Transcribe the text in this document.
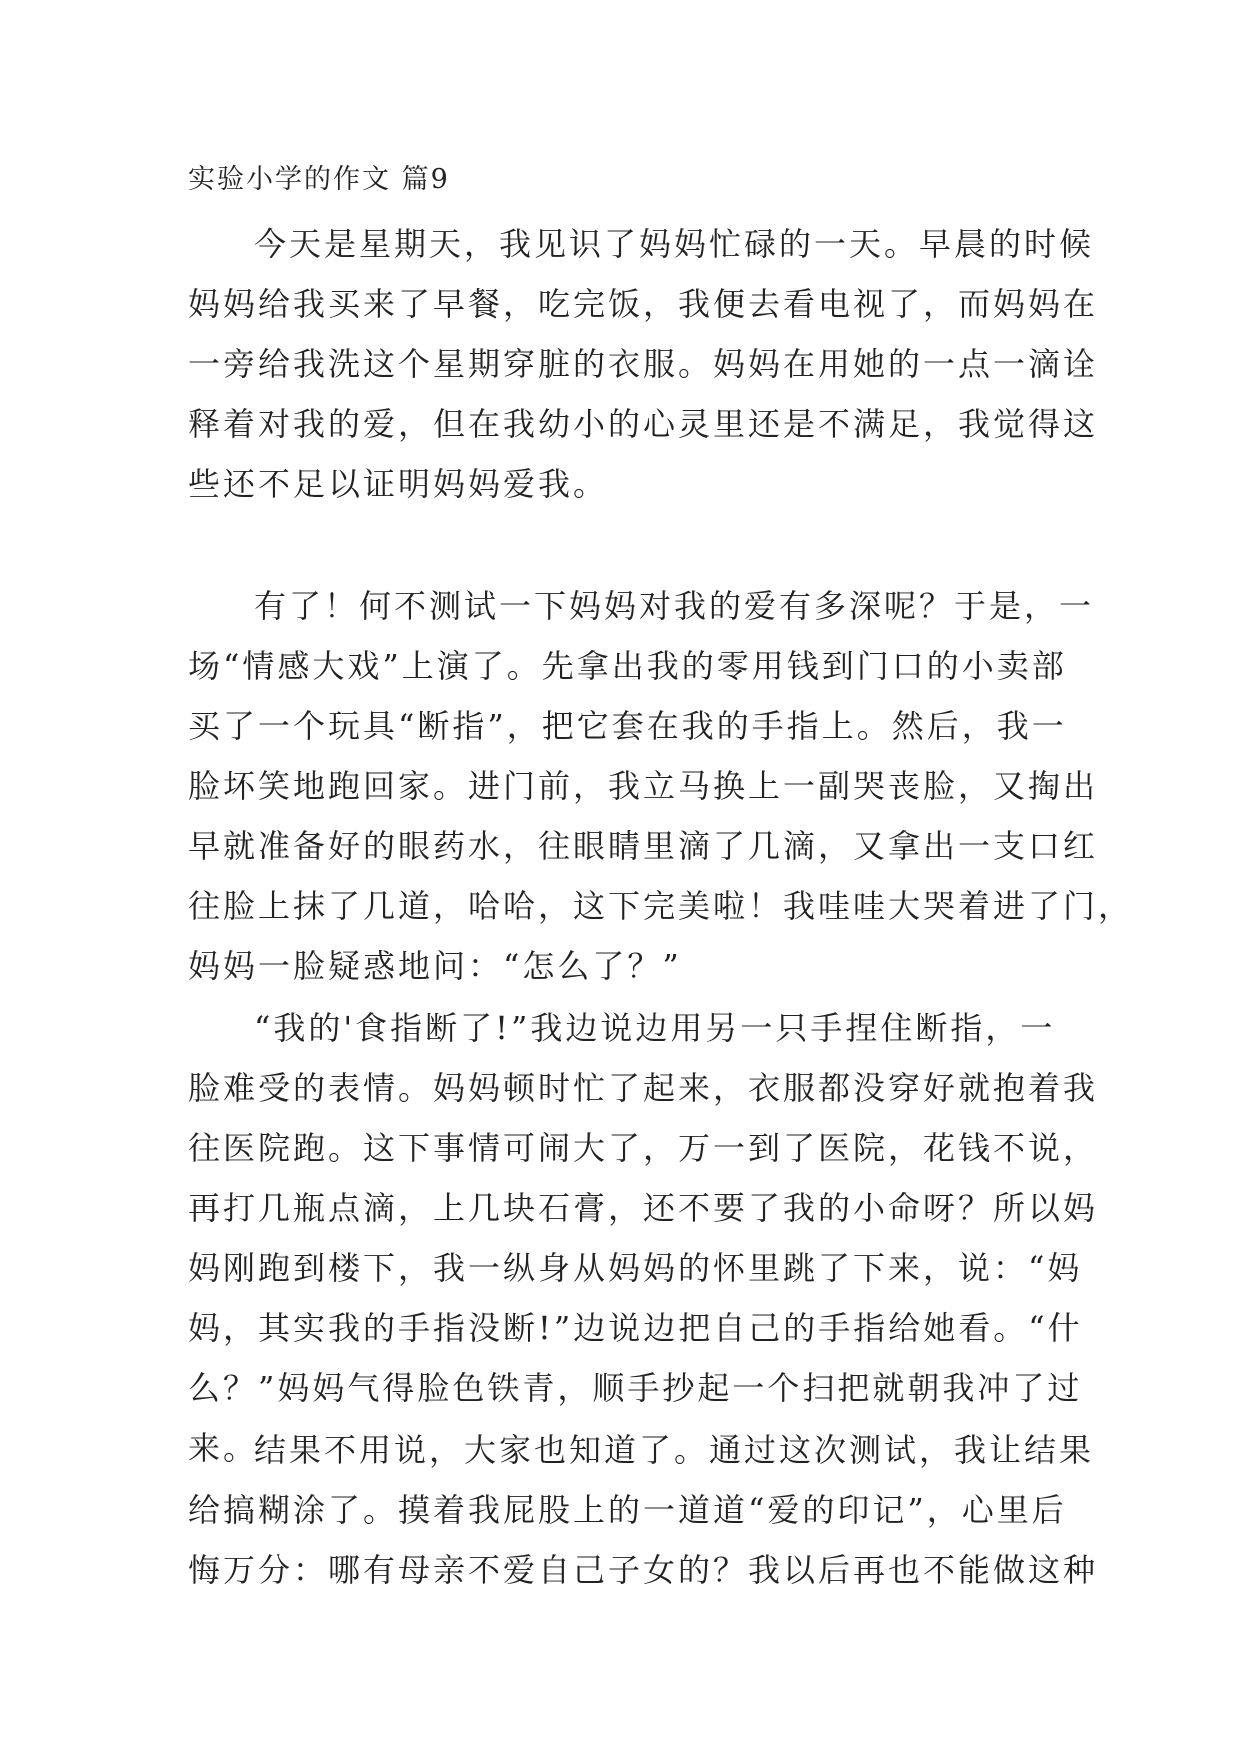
实验小学的作文 篇9
今天是星期天，我见识了妈妈忙碌的一天。早晨的时候
妈妈给我买来了早餐，吃完饭，我便去看电视了，而妈妈在
一旁给我洗这个星期穿脏的衣服。妈妈在用她的一点一滴诠
释着对我的爱，但在我幼小的心灵里还是不满足，我觉得这
些还不足以证明妈妈爱我。
有了！何不测试一下妈妈对我的爱有多深呢？于是，一
场“情感大戏”上演了。先拿出我的零用钱到门口的小卖部
买了一个玩具“断指”，把它套在我的手指上。然后，我一
脸坏笑地跑回家。进门前，我立马换上一副哭丧脸，又掏出
早就准备好的眼药水，往眼睛里滴了几滴，又拿出一支口红
往脸上抹了几道，哈哈，这下完美啦！我哇哇大哭着进了门，
妈妈一脸疑惑地问：“怎么了？”
“我的'食指断了!”我边说边用另一只手捏住断指，一
脸难受的表情。妈妈顿时忙了起来，衣服都没穿好就抱着我
往医院跑。这下事情可闹大了，万一到了医院，花钱不说，
再打几瓶点滴，上几块石膏，还不要了我的小命呀？所以妈
妈刚跑到楼下，我一纵身从妈妈的怀里跳了下来，说：“妈
妈，其实我的手指没断!”边说边把自己的手指给她看。“什
么？”妈妈气得脸色铁青，顺手抄起一个扫把就朝我冲了过
来。
结果不用说，大家也知道了。通过这次测试，我让结果
给搞糊涂了。摸着我屁股上的一道道“爱的印记”，心里后
悔万分：哪有母亲不爱自己子女的？我以后再也不能做这种
